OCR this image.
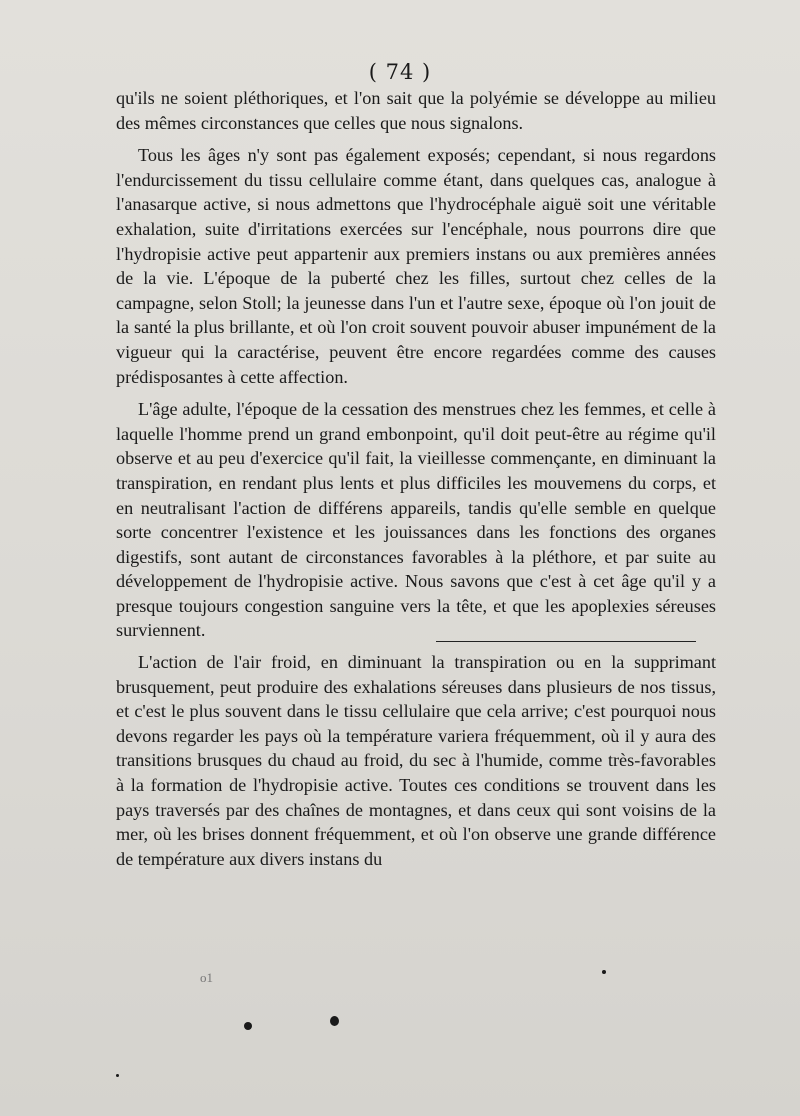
( 74 )

qu'ils ne soient pléthoriques, et l'on sait que la polyémie se développe au milieu des mêmes circonstances que celles que nous signalons.

Tous les âges n'y sont pas également exposés; cependant, si nous regardons l'endurcissement du tissu cellulaire comme étant, dans quelques cas, analogue à l'anasarque active, si nous admettons que l'hydrocéphale aiguë soit une véritable exhalation, suite d'irritations exercées sur l'encéphale, nous pourrons dire que l'hydropisie active peut appartenir aux premiers instans ou aux premières années de la vie. L'époque de la puberté chez les filles, surtout chez celles de la campagne, selon Stoll; la jeunesse dans l'un et l'autre sexe, époque où l'on jouit de la santé la plus brillante, et où l'on croit souvent pouvoir abuser impunément de la vigueur qui la caractérise, peuvent être encore regardées comme des causes prédisposantes à cette affection.

L'âge adulte, l'époque de la cessation des menstrues chez les femmes, et celle à laquelle l'homme prend un grand embonpoint, qu'il doit peut-être au régime qu'il observe et au peu d'exercice qu'il fait, la vieillesse commençante, en diminuant la transpiration, en rendant plus lents et plus difficiles les mouvemens du corps, et en neutralisant l'action de différens appareils, tandis qu'elle semble en quelque sorte concentrer l'existence et les jouissances dans les fonctions des organes digestifs, sont autant de circonstances favorables à la pléthore, et par suite au développement de l'hydropisie active. Nous savons que c'est à cet âge qu'il y a presque toujours congestion sanguine vers la tête, et que les apoplexies séreuses surviennent.

L'action de l'air froid, en diminuant la transpiration ou en la supprimant brusquement, peut produire des exhalations séreuses dans plusieurs de nos tissus, et c'est le plus souvent dans le tissu cellulaire que cela arrive; c'est pourquoi nous devons regarder les pays où la température variera fréquemment, où il y aura des transitions brusques du chaud au froid, du sec à l'humide, comme très-favorables à la formation de l'hydropisie active. Toutes ces conditions se trouvent dans les pays traversés par des chaînes de montagnes, et dans ceux qui sont voisins de la mer, où les brises donnent fréquemment, et où l'on observe une grande différence de température aux divers instans du

o1
